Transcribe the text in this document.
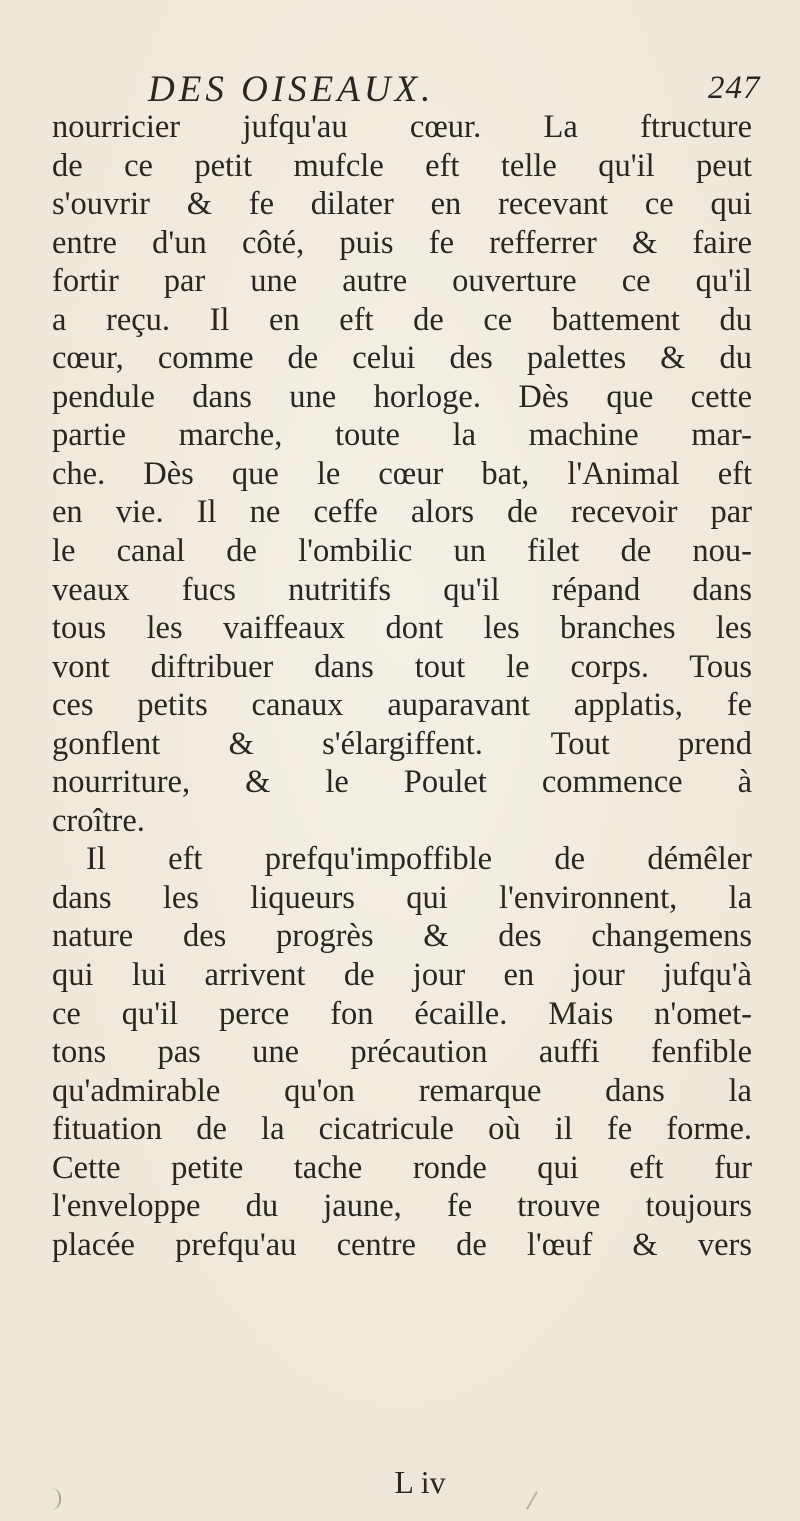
DES OISEAUX.	247
nourricier jufqu'au cœur. La ftructure
de ce petit mufcle eft telle qu'il peut
s'ouvrir & fe dilater en recevant ce qui
entre d'un côté, puis fe refferrer & faire
fortir par une autre ouverture ce qu'il
a reçu. Il en eft de ce battement du
cœur, comme de celui des palettes & du
pendule dans une horloge. Dès que cette
partie marche, toute la machine mar-
che. Dès que le cœur bat, l'Animal eft
en vie. Il ne ceffe alors de recevoir par
le canal de l'ombilic un filet de nou-
veaux fucs nutritifs qu'il répand dans
tous les vaiffeaux dont les branches les
vont diftribuer dans tout le corps. Tous
ces petits canaux auparavant applatis, fe
gonflent & s'élargiffent. Tout prend
nourriture, & le Poulet commence à
croître.
Il eft prefqu'impoffible de démêler
dans les liqueurs qui l'environnent, la
nature des progrès & des changemens
qui lui arrivent de jour en jour jufqu'à
ce qu'il perce fon écaille. Mais n'omet-
tons pas une précaution auffi fenfible
qu'admirable qu'on remarque dans la
fituation de la cicatricule où il fe forme.
Cette petite tache ronde qui eft fur
l'enveloppe du jaune, fe trouve toujours
placée prefqu'au centre de l'œuf & vers
L iv
